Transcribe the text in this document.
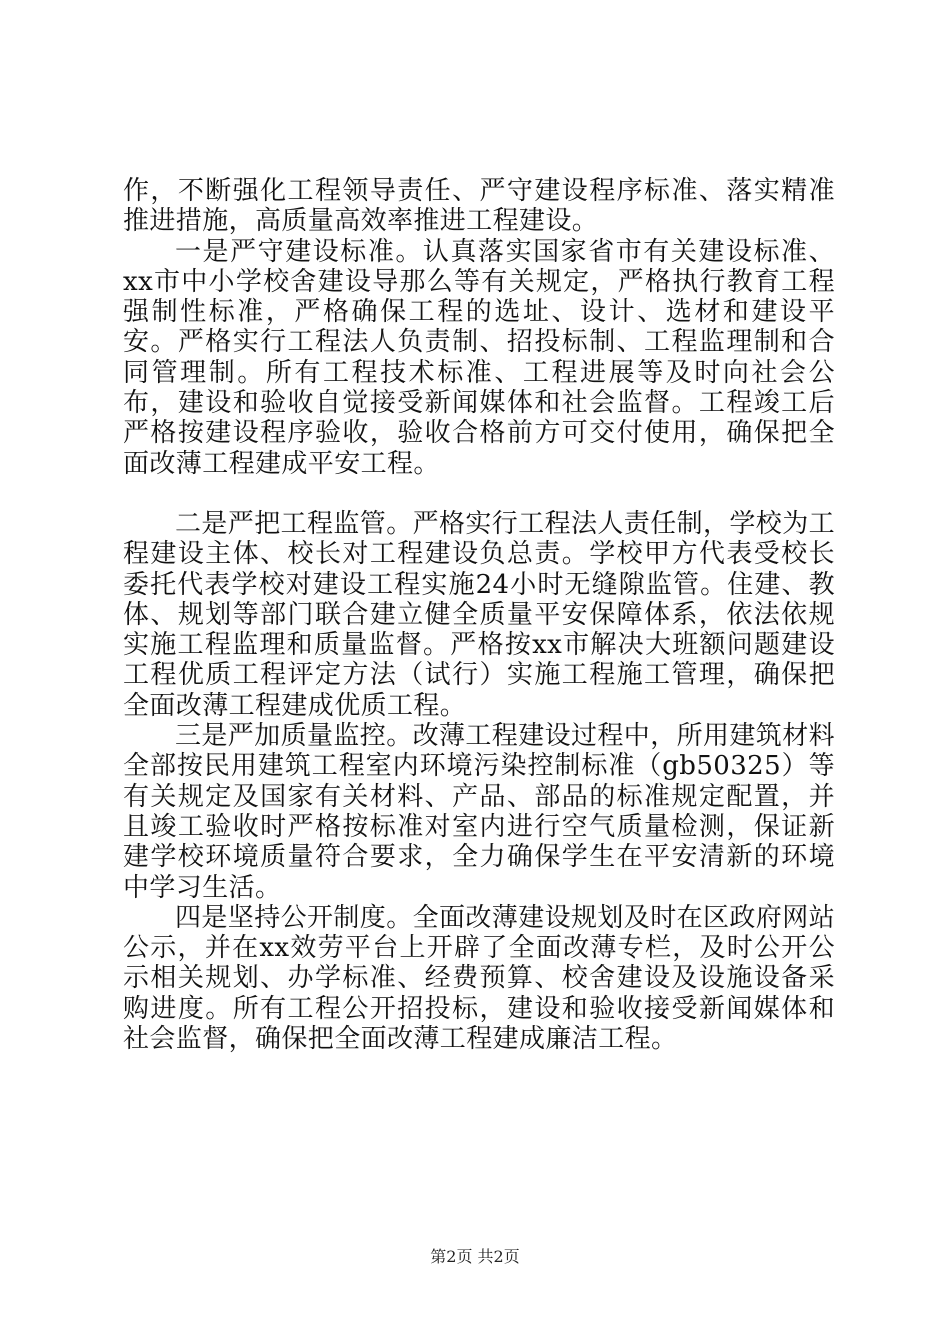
作，不断强化工程领导责任、严守建设程序标准、落实精准推进措施，高质量高效率推进工程建设。

一是严守建设标准。认真落实国家省市有关建设标准、xx市中小学校舍建设导那么等有关规定，严格执行教育工程强制性标准，严格确保工程的选址、设计、选材和建设平安。严格实行工程法人负责制、招投标制、工程监理制和合同管理制。所有工程技术标准、工程进展等及时向社会公布，建设和验收自觉接受新闻媒体和社会监督。工程竣工后严格按建设程序验收，验收合格前方可交付使用，确保把全面改薄工程建成平安工程。

二是严把工程监管。严格实行工程法人责任制，学校为工程建设主体、校长对工程建设负总责。学校甲方代表受校长委托代表学校对建设工程实施24小时无缝隙监管。住建、教体、规划等部门联合建立健全质量平安保障体系，依法依规实施工程监理和质量监督。严格按xx市解决大班额问题建设工程优质工程评定方法（试行）实施工程施工管理，确保把全面改薄工程建成优质工程。

三是严加质量监控。改薄工程建设过程中，所用建筑材料全部按民用建筑工程室内环境污染控制标准（gb50325）等有关规定及国家有关材料、产品、部品的标准规定配置，并且竣工验收时严格按标准对室内进行空气质量检测，保证新建学校环境质量符合要求，全力确保学生在平安清新的环境中学习生活。

四是坚持公开制度。全面改薄建设规划及时在区政府网站公示，并在xx效劳平台上开辟了全面改薄专栏，及时公开公示相关规划、办学标准、经费预算、校舍建设及设施设备采购进度。所有工程公开招投标，建设和验收接受新闻媒体和社会监督，确保把全面改薄工程建成廉洁工程。

第2页 共2页
